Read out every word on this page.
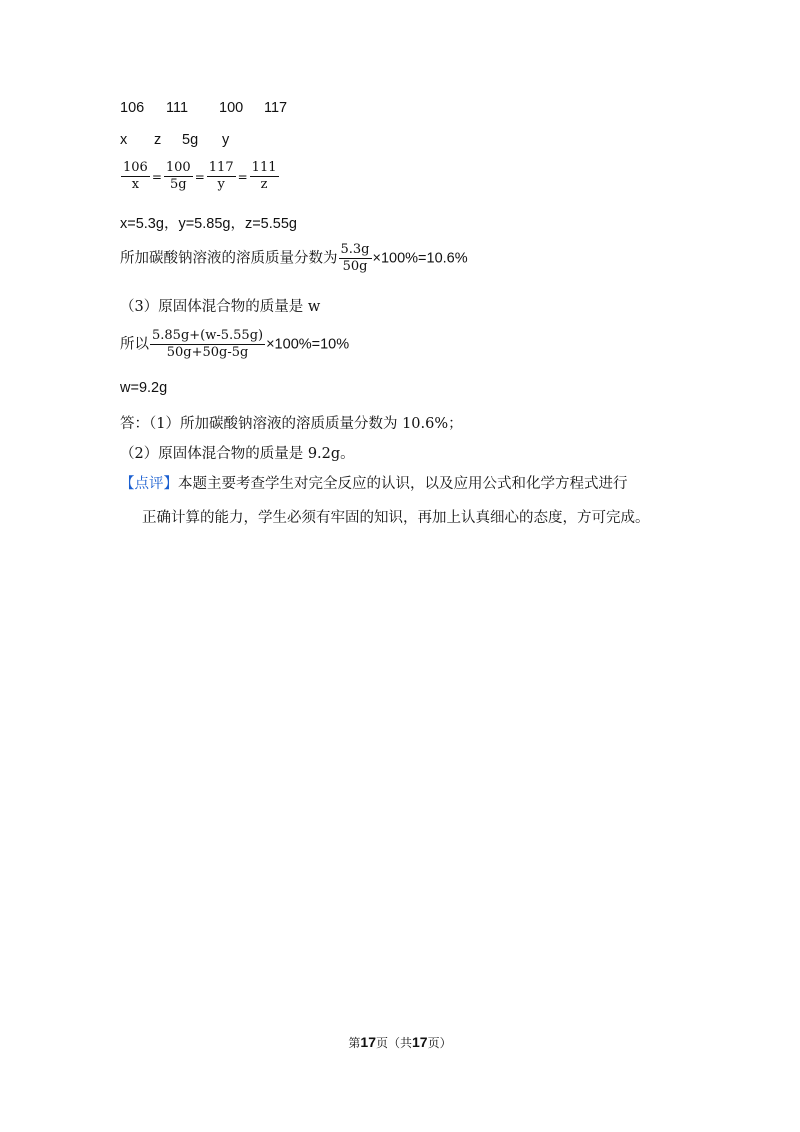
106 111 100 117
x z 5g y
$\frac{106}{x} = \frac{100}{5g} = \frac{117}{y} = \frac{111}{z}$
x=5.3g，y=5.85g，z=5.55g
所加碳酸钠溶液的溶质质量分数为 $\frac{5.3g}{50g} \times 100\%=10.6\%$
（3）原固体混合物的质量是 w
所以 $\frac{5.85g+(w-5.55g)}{50g+50g-5g} \times 100\%=10\%$
w=9.2g
答：（1）所加碳酸钠溶液的溶质质量分数为 10.6%；
（2）原固体混合物的质量是 9.2g。
【点评】本题主要考查学生对完全反应的认识，以及应用公式和化学方程式进行
正确计算的能力，学生必须有牢固的知识，再加上认真细心的态度，方可完成。
第17页（共17页）
